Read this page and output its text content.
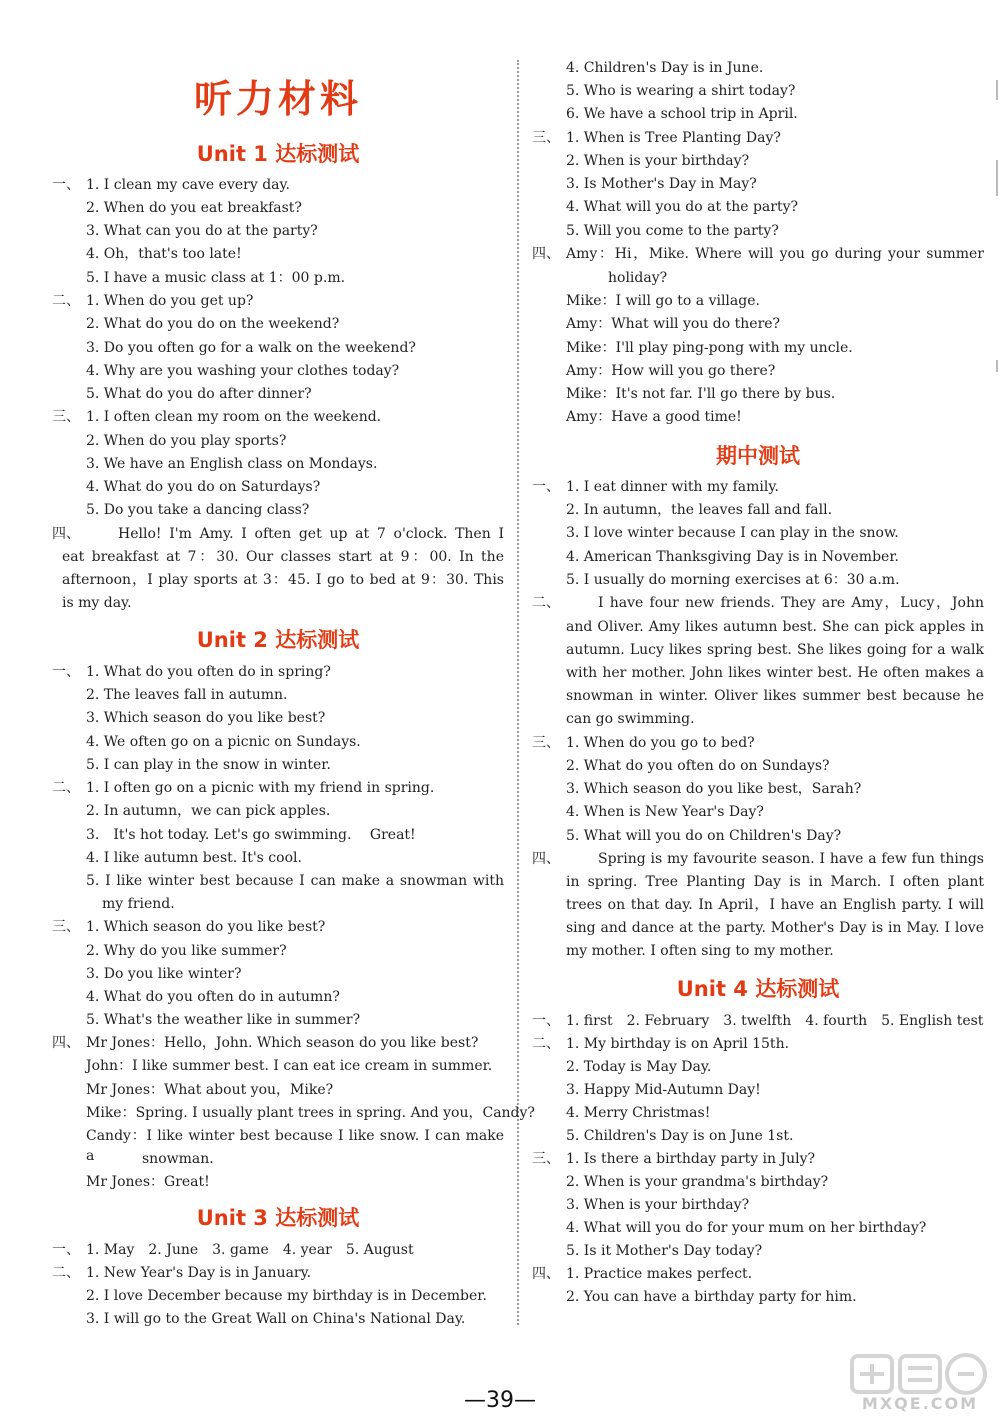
听力材料
Unit 1 达标测试
Unit 2 达标测试
Unit 3 达标测试
期中测试
Unit 4 达标测试
1. I clean my cave every day.
2. When do you eat breakfast?
3. What can you do at the party?
4. Oh，that's too late!
5. I have a music class at 1：00 p.m.
1. When do you get up?
2. What do you do on the weekend?
3. Do you often go for a walk on the weekend?
4. Why are you washing your clothes today?
5. What do you do after dinner?
1. I often clean my room on the weekend.
2. When do you play sports?
3. We have an English class on Mondays.
4. What do you do on Saturdays?
5. Do you take a dancing class?
Hello! I'm Amy. I often get up at 7 o'clock. Then I
eat breakfast at 7：30. Our classes start at 9：00. In the
afternoon，I play sports at 3：45. I go to bed at 9：30. This
is my day.
1. What do you often do in spring?
2. The leaves fall in autumn.
3. Which season do you like best?
4. We often go on a picnic on Sundays.
5. I can play in the snow in winter.
1. I often go on a picnic with my friend in spring.
2. In autumn，we can pick apples.
3.　It's hot today. Let's go swimming.　 Great!
4. I like autumn best. It's cool.
5. I like winter best because I can make a snowman with
my friend.
1. Which season do you like best?
2. Why do you like summer?
3. Do you like winter?
4. What do you often do in autumn?
5. What's the weather like in summer?
Mr Jones：Hello，John. Which season do you like best?
John：I like summer best. I can eat ice cream in summer.
Mr Jones：What about you，Mike?
Mike：Spring. I usually plant trees in spring. And you，Candy?
Candy：I like winter best because I like snow. I can make a	snowman.
Mr Jones：Great!
1. May　2. June　3. game　4. year　5. August
1. New Year's Day is in January.
2. I love December because my birthday is in December.
3. I will go to the Great Wall on China's National Day.
4. Children's Day is in June.
5. Who is wearing a shirt today?
6. We have a school trip in April.
1. When is Tree Planting Day?
2. When is your birthday?
3. Is Mother's Day in May?
4. What will you do at the party?
5. Will you come to the party?
Amy：Hi，Mike. Where will you go during your summer
holiday?
Mike：I will go to a village.
Amy：What will you do there?
Mike：I'll play ping-pong with my uncle.
Amy：How will you go there?
Mike：It's not far. I'll go there by bus.
Amy：Have a good time!
1. I eat dinner with my family.
2. In autumn，the leaves fall and fall.
3. I love winter because I can play in the snow.
4. American Thanksgiving Day is in November.
5. I usually do morning exercises at 6：30 a.m.
I have four new friends. They are Amy，Lucy，John
and Oliver. Amy likes autumn best. She can pick apples in
autumn. Lucy likes spring best. She likes going for a walk
with her mother. John likes winter best. He often makes a
snowman in winter. Oliver likes summer best because he
can go swimming.
1. When do you go to bed?
2. What do you often do on Sundays?
3. Which season do you like best，Sarah?
4. When is New Year's Day?
5. What will you do on Children's Day?
Spring is my favourite season. I have a few fun things
in spring. Tree Planting Day is in March. I often plant
trees on that day. In April，I have an English party. I will
sing and dance at the party. Mother's Day is in May. I love
my mother. I often sing to my mother.
1. first　2. February　3. twelfth　4. fourth　5. English test
1. My birthday is on April 15th.
2. Today is May Day.
3. Happy Mid-Autumn Day!
4. Merry Christmas!
5. Children's Day is on June 1st.
1. Is there a birthday party in July?
2. When is your grandma's birthday?
3. When is your birthday?
4. What will you do for your mum on her birthday?
5. Is it Mother's Day today?
1. Practice makes perfect.
2. You can have a birthday party for him.
一、
二、
三、
四、
一、
二、
三、
四、
一、
二、
三、
四、
一、
二、
三、
四、
一、
二、
三、
四、
—39—	MXQE.COM
